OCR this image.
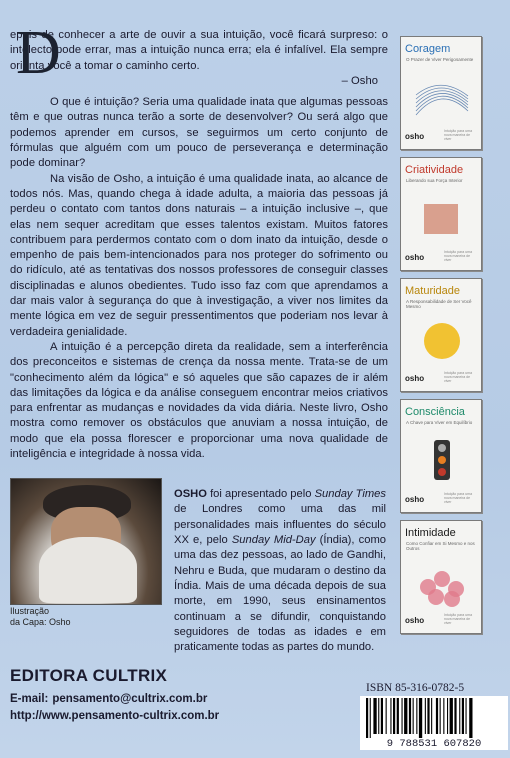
D

epois de conhecer a arte de ouvir a sua intuição, você ficará surpreso: o intelecto pode errar, mas a intuição nunca erra; ela é infalível. Ela sempre orienta você a tomar o caminho certo.
– Osho

O que é intuição? Seria uma qualidade inata que algumas pessoas têm e que outras nunca terão a sorte de desenvolver? Ou será algo que podemos aprender em cursos, se seguirmos um certo conjunto de fórmulas que alguém com um pouco de perseverança e determinação pode dominar?

Na visão de Osho, a intuição é uma qualidade inata, ao alcance de todos nós. Mas, quando chega à idade adulta, a maioria das pessoas já perdeu o contato com tantos dons naturais – a intuição inclusive –, que elas nem sequer acreditam que esses talentos existam. Muitos fatores contribuem para perdermos contato com o dom inato da intuição, desde o empenho de pais bem-intencionados para nos proteger do sofrimento ou do ridículo, até as tentativas dos nossos professores de conseguir classes disciplinadas e alunos obedientes. Tudo isso faz com que aprendamos a dar mais valor à segurança do que à investigação, a viver nos limites da mente lógica em vez de seguir pressentimentos que poderiam nos levar à verdadeira genialidade.

A intuição é a percepção direta da realidade, sem a interferência dos preconceitos e sistemas de crença da nossa mente. Trata-se de um "conhecimento além da lógica" e só aqueles que são capazes de ir além das limitações da lógica e da análise conseguem encontrar meios criativos para enfrentar as mudanças e novidades da vida diária. Neste livro, Osho mostra como remover os obstáculos que anuviam a nossa intuição, de modo que ela possa florescer e proporcionar uma nova qualidade de inteligência e integridade à nossa vida.

Ilustração
da Capa: Osho

OSHO foi apresentado pelo Sunday Times de Londres como uma das mil personalidades mais influentes do século XX e, pelo Sunday Mid-Day (Índia), como uma das dez pessoas, ao lado de Gandhi, Nehru e Buda, que mudaram o destino da Índia. Mais de uma década depois de sua morte, em 1990, seus ensinamentos continuam a se difundir, conquistando seguidores de todas as idades e em praticamente todas as partes do mundo.

Coragem
O Prazer de Viver Perigosamente
osho
Intuição para uma nova maneira de viver
Criatividade
Liberando sua Força Interior
osho
Intuição para uma nova maneira de viver
Maturidade
A Responsabilidade de Ser Você Mesmo
osho
Intuição para uma nova maneira de viver
Consciência
A Chave para Viver em Equilíbrio
osho
Intuição para uma nova maneira de viver
Intimidade
Como Confiar em Si Mesmo e nos Outros
osho
Intuição para uma nova maneira de viver
EDITORA CULTRIX
E-mail: pensamento@cultrix.com.br
http://www.pensamento-cultrix.com.br
ISBN 85-316-0782-5
9 788531 607820
